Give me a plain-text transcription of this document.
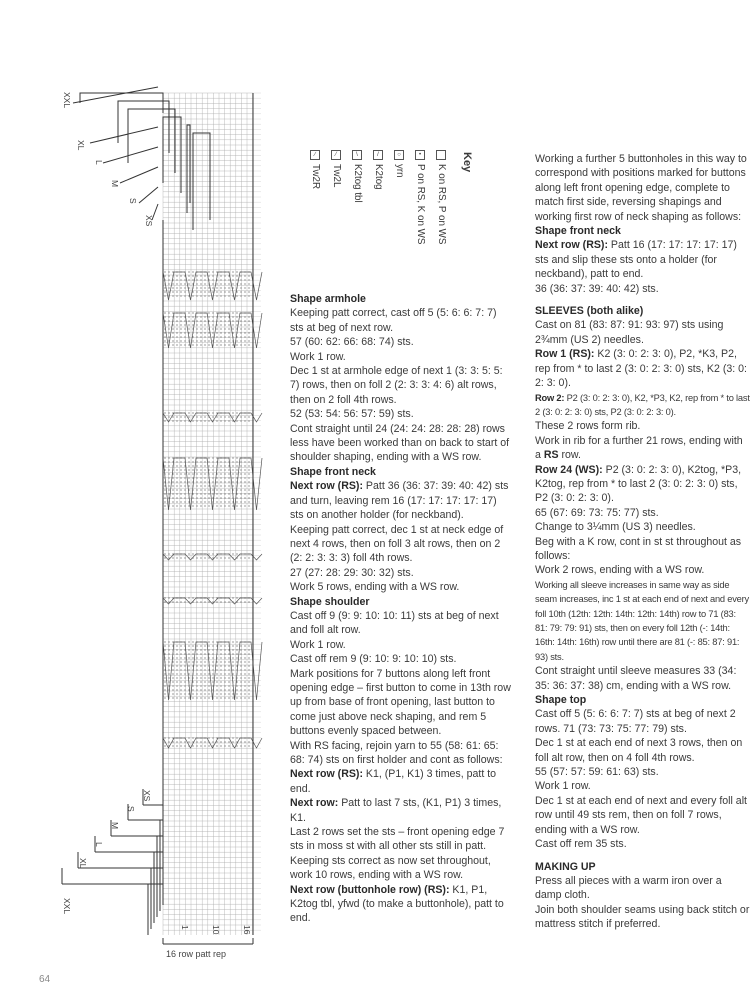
XXL
XL
L
M
S
XS
XXL
XL
L
M
S
XS
16
10
1
16 row patt rep
Key
K on RS, P on WS
•
P on RS, K on WS
○
yrn
/
K2tog
\
K2tog tbl
⁄
Tw2L
∕
Tw2R

Shape armhole

Keeping patt correct, cast off 5 (5: 6: 6: 7: 7) sts at beg of next row.

57 (60: 62: 66: 68: 74) sts.

Work 1 row.

Dec 1 st at armhole edge of next 1 (3: 3: 5: 5: 7) rows, then on foll 2 (2: 3: 3: 4: 6) alt rows, then on 2 foll 4th rows.

52 (53: 54: 56: 57: 59) sts.

Cont straight until 24 (24: 24: 28: 28: 28) rows less have been worked than on back to start of shoulder shaping, ending with a WS row.

Shape front neck

Next row (RS): Patt 36 (36: 37: 39: 40: 42) sts and turn, leaving rem 16 (17: 17: 17: 17: 17) sts on another holder (for neckband).

Keeping patt correct, dec 1 st at neck edge of next 4 rows, then on foll 3 alt rows, then on 2 (2: 2: 3: 3: 3) foll 4th rows.

27 (27: 28: 29: 30: 32) sts.

Work 5 rows, ending with a WS row.

Shape shoulder

Cast off 9 (9: 9: 10: 10: 11) sts at beg of next and foll alt row.

Work 1 row.

Cast off rem 9 (9: 10: 9: 10: 10) sts.

Mark positions for 7 buttons along left front opening edge – first button to come in 13th row up from base of front opening, last button to come just above neck shaping, and rem 5 buttons evenly spaced between.

With RS facing, rejoin yarn to 55 (58: 61: 65: 68: 74) sts on first holder and cont as follows:

Next row (RS): K1, (P1, K1) 3 times, patt to end.

Next row: Patt to last 7 sts, (K1, P1) 3 times, K1.

Last 2 rows set the sts – front opening edge 7 sts in moss st with all other sts still in patt.

Keeping sts correct as now set throughout, work 10 rows, ending with a WS row.

Next row (buttonhole row) (RS): K1, P1, K2tog tbl, yfwd (to make a buttonhole), patt to end.

Working a further 5 buttonholes in this way to correspond with positions marked for buttons along left front opening edge, complete to match first side, reversing shapings and working first row of neck shaping as follows:

Shape front neck

Next row (RS): Patt 16 (17: 17: 17: 17: 17) sts and slip these sts onto a holder (for neckband), patt to end.

36 (36: 37: 39: 40: 42) sts.

SLEEVES (both alike)

Cast on 81 (83: 87: 91: 93: 97) sts using 2¾mm (US 2) needles.

Row 1 (RS): K2 (3: 0: 2: 3: 0), P2, *K3, P2, rep from * to last 2 (3: 0: 2: 3: 0) sts, K2 (3: 0: 2: 3: 0).

Row 2: P2 (3: 0: 2: 3: 0), K2, *P3, K2, rep from * to last 2 (3: 0: 2: 3: 0) sts, P2 (3: 0: 2: 3: 0).

These 2 rows form rib.

Work in rib for a further 21 rows, ending with a RS row.

Row 24 (WS): P2 (3: 0: 2: 3: 0), K2tog, *P3, K2tog, rep from * to last 2 (3: 0: 2: 3: 0) sts, P2 (3: 0: 2: 3: 0).

65 (67: 69: 73: 75: 77) sts.

Change to 3¼mm (US 3) needles.

Beg with a K row, cont in st st throughout as follows:

Work 2 rows, ending with a WS row.

Working all sleeve increases in same way as side seam increases, inc 1 st at each end of next and every foll 10th (12th: 12th: 14th: 12th: 14th) row to 71 (83: 81: 79: 79: 91) sts, then on every foll 12th (-: 14th: 16th: 14th: 16th) row until there are 81 (-: 85: 87: 91: 93) sts.

Cont straight until sleeve measures 33 (34: 35: 36: 37: 38) cm, ending with a WS row.

Shape top

Cast off 5 (5: 6: 6: 7: 7) sts at beg of next 2 rows. 71 (73: 73: 75: 77: 79) sts.

Dec 1 st at each end of next 3 rows, then on foll alt row, then on 4 foll 4th rows.

55 (57: 57: 59: 61: 63) sts.

Work 1 row.

Dec 1 st at each end of next and every foll alt row until 49 sts rem, then on foll 7 rows, ending with a WS row.

Cast off rem 35 sts.

MAKING UP

Press all pieces with a warm iron over a damp cloth.

Join both shoulder seams using back stitch or mattress stitch if preferred.

64
